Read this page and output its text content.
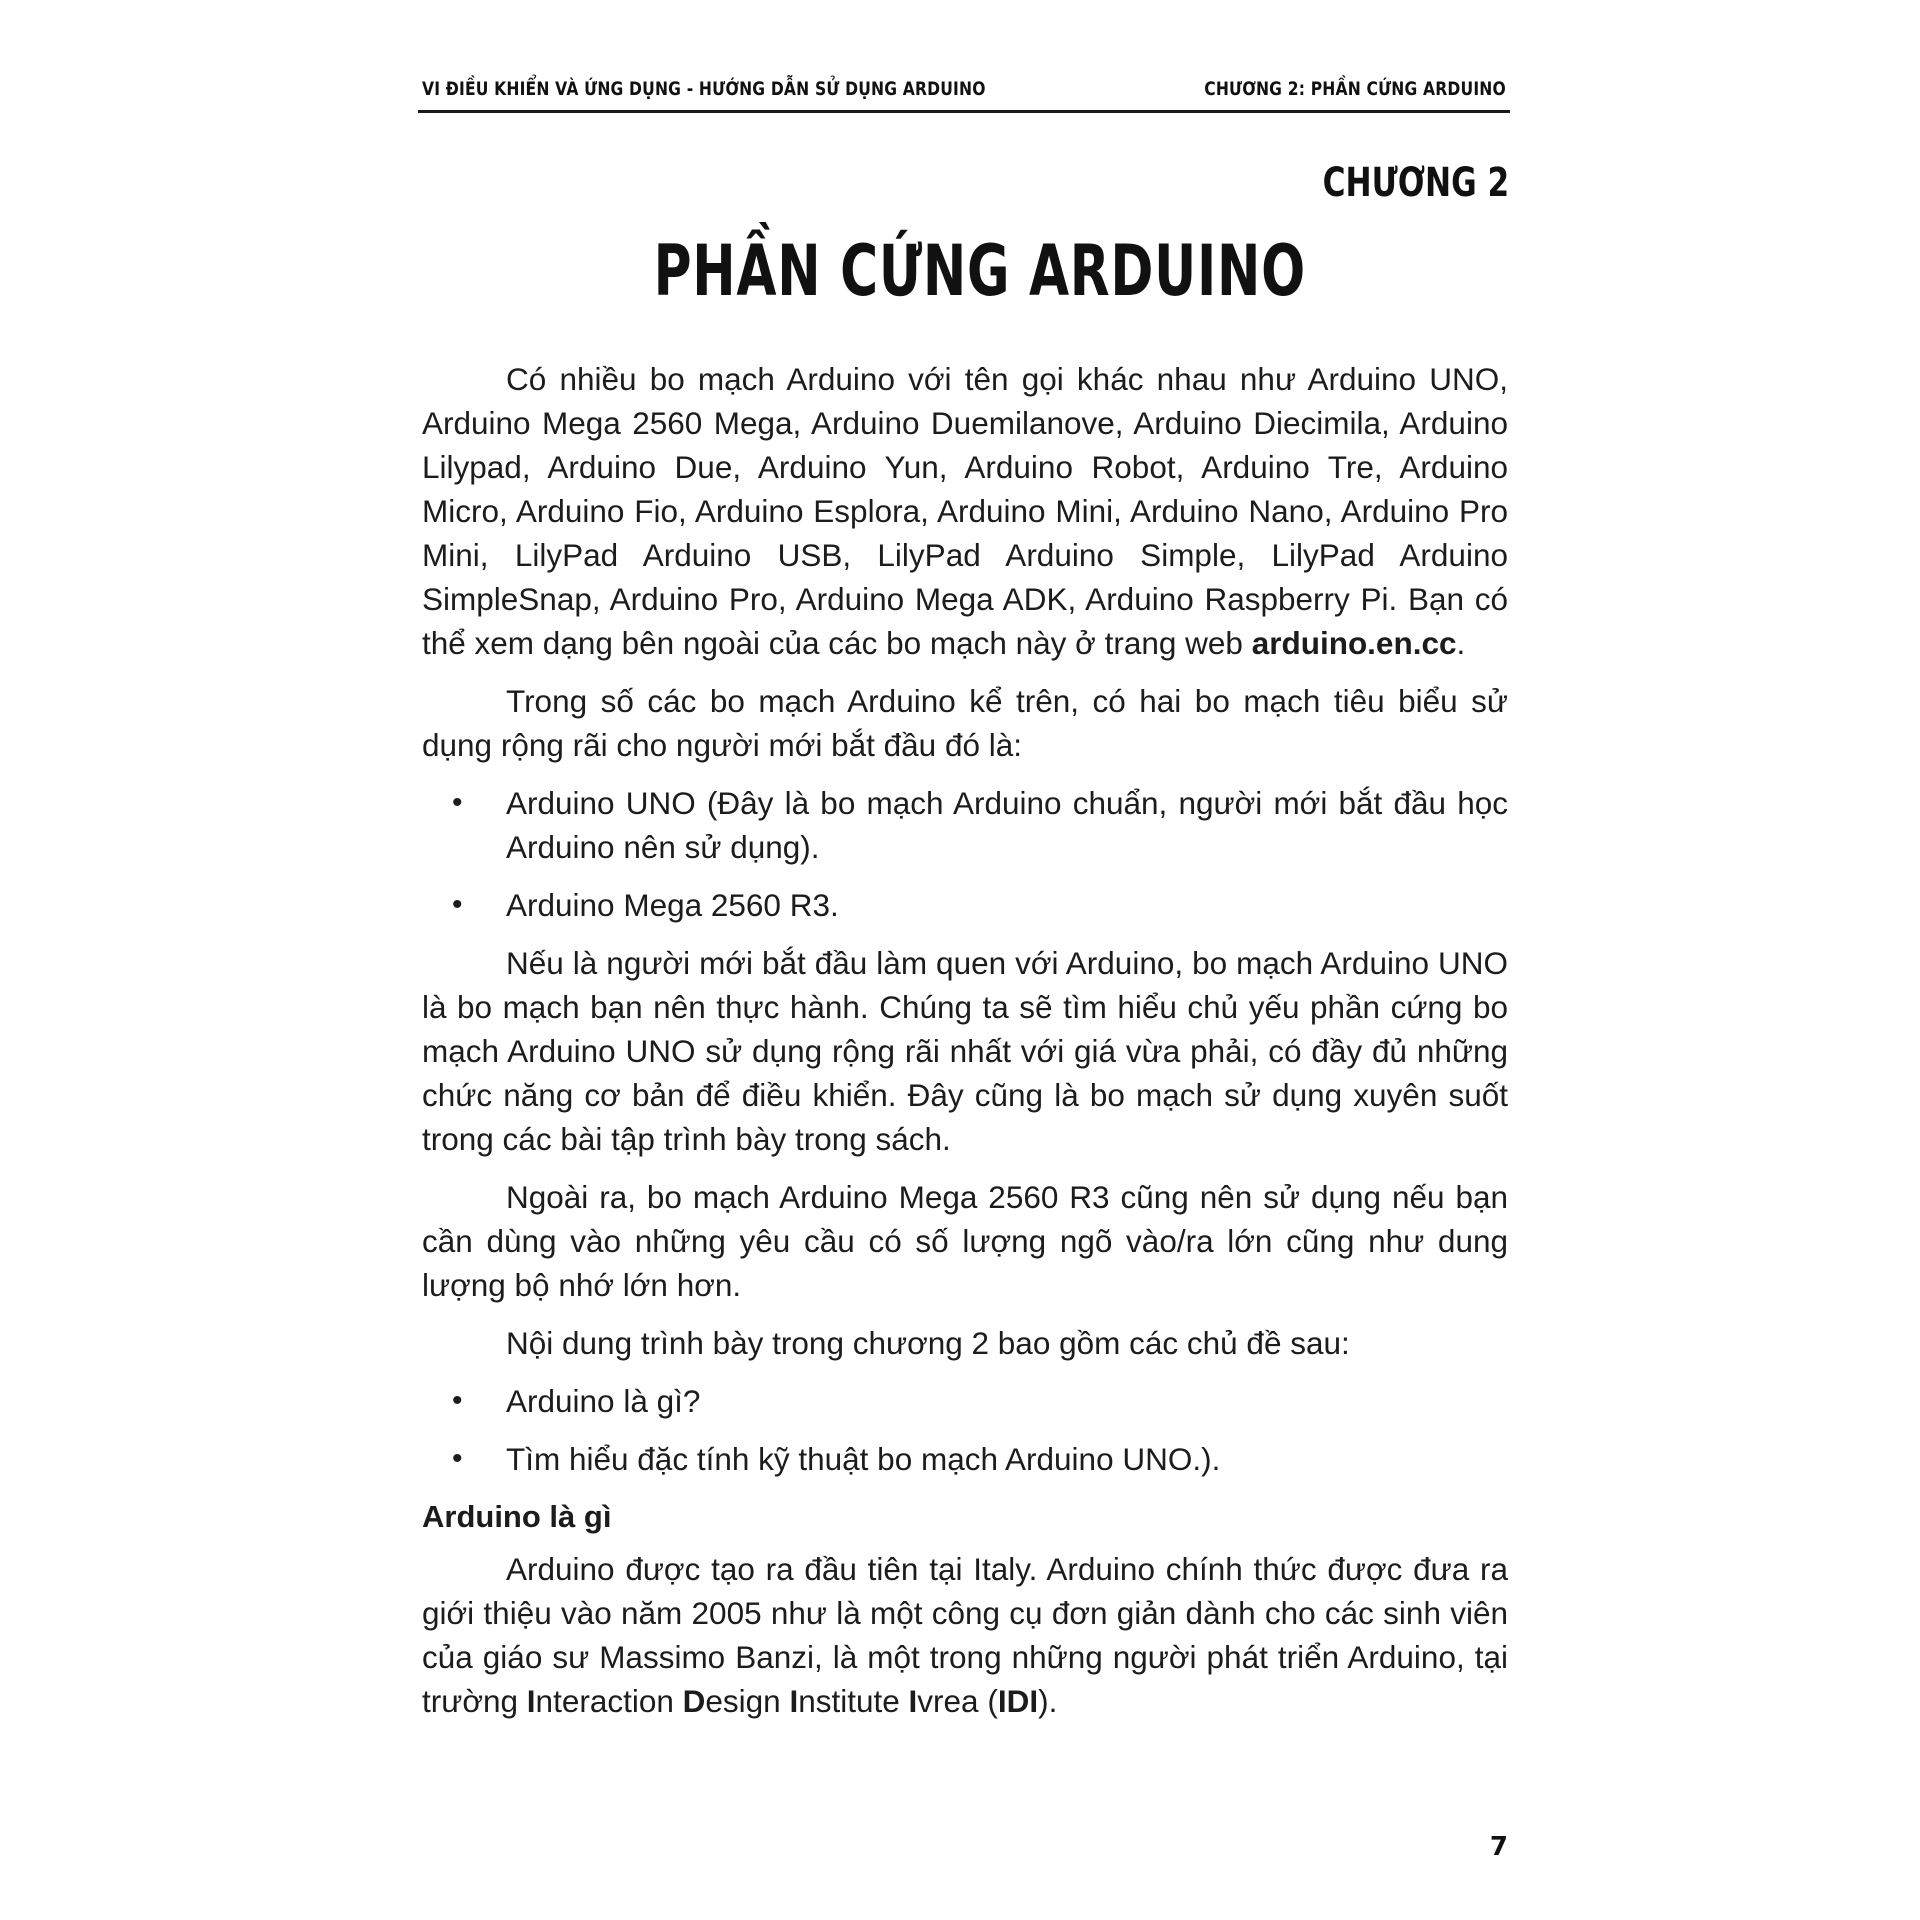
VI ĐIỀU KHIỂN VÀ ỨNG DỤNG - HƯỚNG DẪN SỬ DỤNG ARDUINO	CHƯƠNG 2: PHẦN CỨNG ARDUINO
CHƯƠNG 2
PHẦN CỨNG ARDUINO

Có nhiều bo mạch Arduino với tên gọi khác nhau như Arduino UNO, Arduino Mega 2560 Mega, Arduino Duemilanove, Arduino Diecimila, Arduino Lilypad, Arduino Due, Arduino Yun, Arduino Robot, Arduino Tre, Arduino Micro, Arduino Fio, Arduino Esplora, Arduino Mini, Arduino Nano, Arduino Pro Mini, LilyPad Arduino USB, LilyPad Arduino Simple, LilyPad Arduino SimpleSnap, Arduino Pro, Arduino Mega ADK, Arduino Raspberry Pi. Bạn có thể xem dạng bên ngoài của các bo mạch này ở trang web arduino.en.cc.

Trong số các bo mạch Arduino kể trên, có hai bo mạch tiêu biểu sử dụng rộng rãi cho người mới bắt đầu đó là:

• Arduino UNO (Đây là bo mạch Arduino chuẩn, người mới bắt đầu học Arduino nên sử dụng).
• Arduino Mega 2560 R3.

Nếu là người mới bắt đầu làm quen với Arduino, bo mạch Arduino UNO là bo mạch bạn nên thực hành. Chúng ta sẽ tìm hiểu chủ yếu phần cứng bo mạch Arduino UNO sử dụng rộng rãi nhất với giá vừa phải, có đầy đủ những chức năng cơ bản để điều khiển. Đây cũng là bo mạch sử dụng xuyên suốt trong các bài tập trình bày trong sách.

Ngoài ra, bo mạch Arduino Mega 2560 R3 cũng nên sử dụng nếu bạn cần dùng vào những yêu cầu có số lượng ngõ vào/ra lớn cũng như dung lượng bộ nhớ lớn hơn.

Nội dung trình bày trong chương 2 bao gồm các chủ đề sau:

• Arduino là gì?
• Tìm hiểu đặc tính kỹ thuật bo mạch Arduino UNO.).
Arduino là gì

Arduino được tạo ra đầu tiên tại Italy. Arduino chính thức được đưa ra giới thiệu vào năm 2005 như là một công cụ đơn giản dành cho các sinh viên của giáo sư Massimo Banzi, là một trong những người phát triển Arduino, tại trường Interaction Design Institute Ivrea (IDI).

7
